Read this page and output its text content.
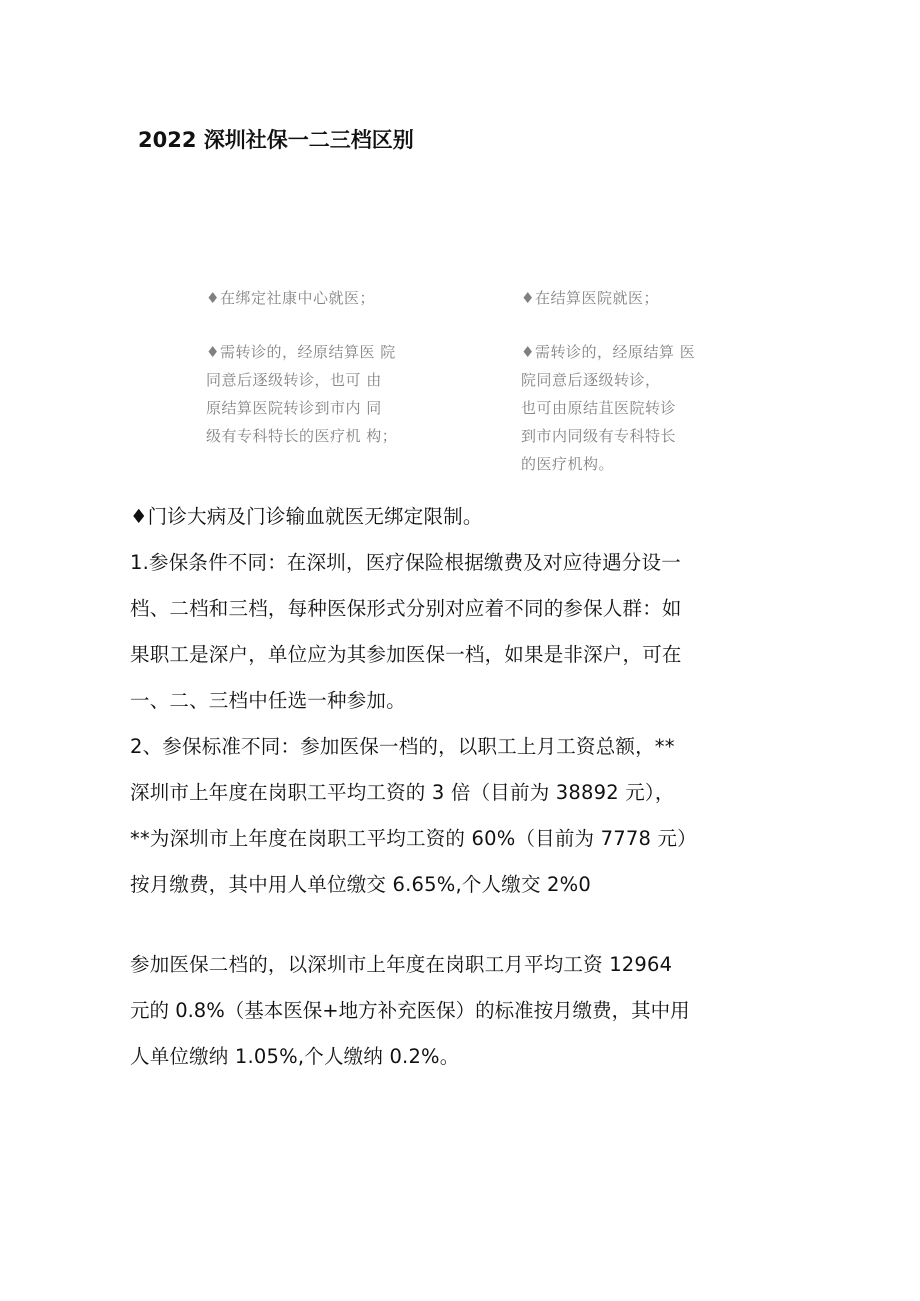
2022 深圳社保一二三档区别

♦在绑定社康中心就医；

♦需转诊的，经原结算医 院

同意后逐级转诊，也可 由

原结算医院转诊到市内 同

级有专科特长的医疗机 构；

♦在结算医院就医；

♦需转诊的，经原结算 医

院同意后逐级转诊，

也可由原结苴医院转诊

到市内同级有专科特长

的医疗机构。

♦门诊大病及门诊输血就医无绑定限制。

1.参保条件不同：在深圳，医疗保险根据缴费及对应待遇分设一

档、二档和三档，每种医保形式分别对应着不同的参保人群：如

果职工是深户，单位应为其参加医保一档，如果是非深户，可在

一、二、三档中任选一种参加。

2、参保标准不同：参加医保一档的，以职工上月工资总额，**

深圳市上年度在岗职工平均工资的 3 倍（目前为 38892 元），

**为深圳市上年度在岗职工平均工资的 60%（目前为 7778 元）

按月缴费，其中用人单位缴交 6.65%,个人缴交 2%0

参加医保二档的，以深圳市上年度在岗职工月平均工资 12964

元的 0.8%（基本医保+地方补充医保）的标准按月缴费，其中用

人单位缴纳 1.05%,个人缴纳 0.2%。
